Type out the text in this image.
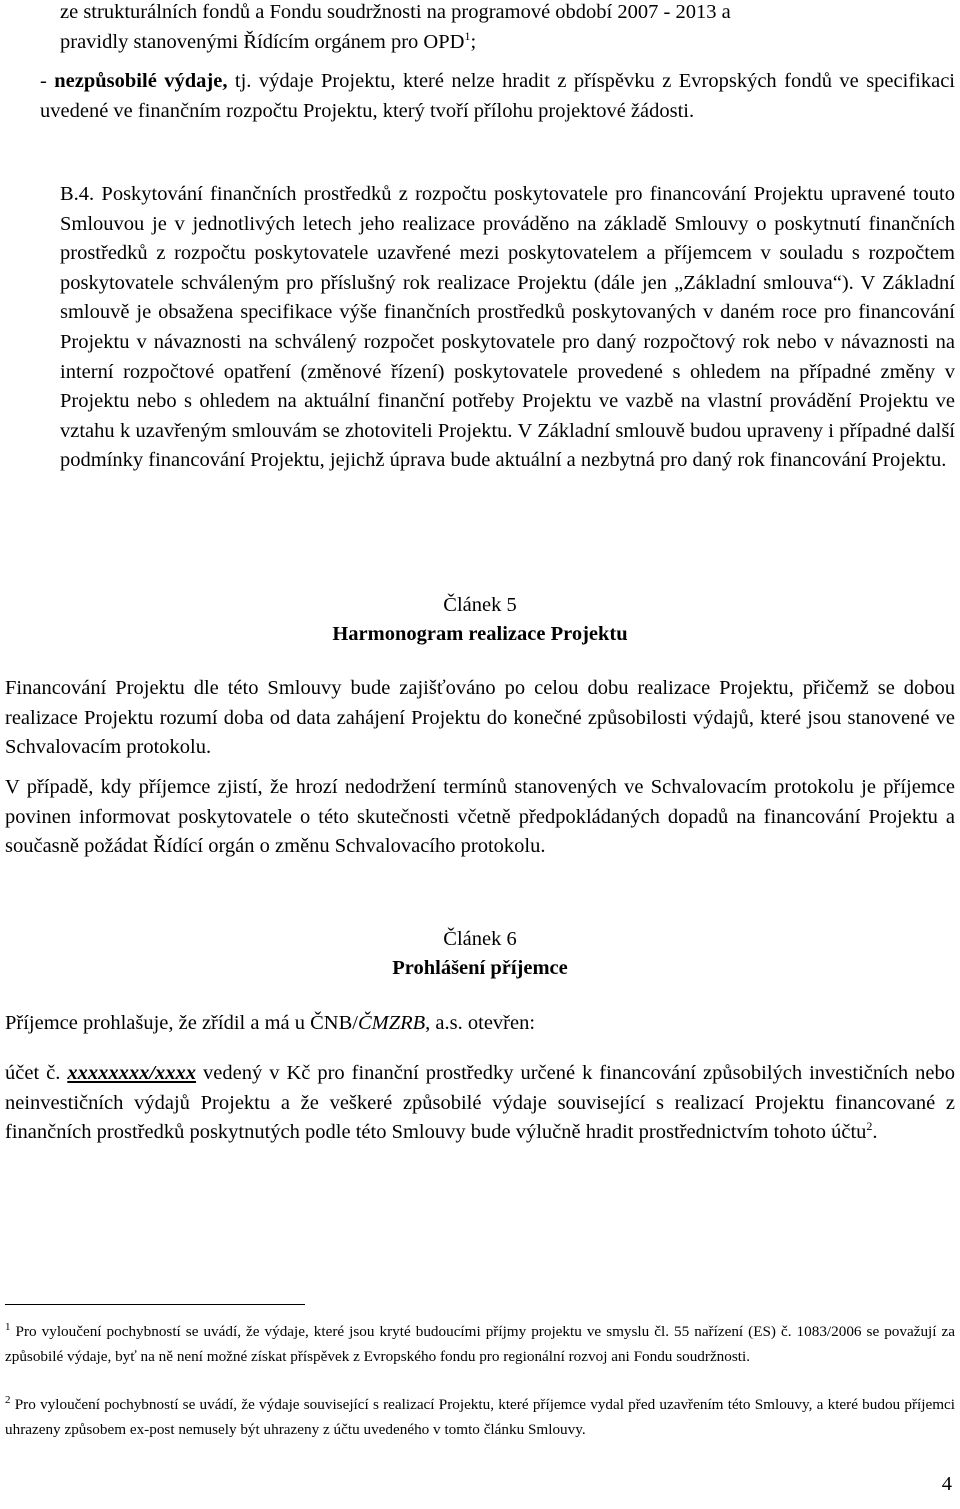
ze strukturálních fondů a Fondu soudržnosti na programové období 2007 - 2013 a
pravidly stanovenými Řídícím orgánem pro OPD$^1$;
- nezpůsobilé výdaje, tj. výdaje Projektu, které nelze hradit z příspěvku z Evropských fondů ve specifikaci uvedené ve finančním rozpočtu Projektu, který tvoří přílohu projektové žádosti.
B.4. Poskytování finančních prostředků z rozpočtu poskytovatele pro financování Projektu upravené touto Smlouvou je v jednotlivých letech jeho realizace prováděno na základě Smlouvy o poskytnutí finančních prostředků z rozpočtu poskytovatele uzavřené mezi poskytovatelem a příjemcem v souladu s rozpočtem poskytovatele schváleným pro příslušný rok realizace Projektu (dále jen „Základní smlouva“). V Základní smlouvě je obsažena specifikace výše finančních prostředků poskytovaných v daném roce pro financování Projektu v návaznosti na schválený rozpočet poskytovatele pro daný rozpočtový rok nebo v návaznosti na interní rozpočtové opatření (změnové řízení) poskytovatele provedené s ohledem na případné změny v Projektu nebo s ohledem na aktuální finanční potřeby Projektu ve vazbě na vlastní provádění Projektu ve vztahu k uzavřeným smlouvám se zhotoviteli Projektu. V Základní smlouvě budou upraveny i případné další podmínky financování Projektu, jejichž úprava bude aktuální a nezbytná pro daný rok financování Projektu.
Článek 5
Harmonogram realizace Projektu
Financování Projektu dle této Smlouvy bude zajišťováno po celou dobu realizace Projektu, přičemž se dobou realizace Projektu rozumí doba od data zahájení Projektu do konečné způsobilosti výdajů, které jsou stanovené ve Schvalovacím protokolu.
V případě, kdy příjemce zjistí, že hrozí nedodržení termínů stanovených ve Schvalovacím protokolu je příjemce povinen informovat poskytovatele o této skutečnosti včetně předpokládaných dopadů na financování Projektu a současně požádat Řídící orgán o změnu Schvalovacího protokolu.
Článek 6
Prohlášení příjemce
Příjemce prohlašuje, že zřídil a má u ČNB/ČMZRB, a.s. otevřen:
účet č. xxxxxxxx/xxxx vedený v Kč pro finanční prostředky určené k financování způsobilých investičních nebo neinvestičních výdajů Projektu a že veškeré způsobilé výdaje související s realizací Projektu financované z finančních prostředků poskytnutých podle této Smlouvy bude výlučně hradit prostřednictvím tohoto účtu$^2$.
$^1$ Pro vyloučení pochybností se uvádí, že výdaje, které jsou kryté budoucími příjmy projektu ve smyslu čl. 55 nařízení (ES) č. 1083/2006 se považují za způsobilé výdaje, byť na ně není možné získat příspěvek z Evropského fondu pro regionální rozvoj ani Fondu soudržnosti.
$^2$ Pro vyloučení pochybností se uvádí, že výdaje související s realizací Projektu, které příjemce vydal před uzavřením této Smlouvy, a které budou příjemci uhrazeny způsobem ex-post nemusely být uhrazeny z účtu uvedeného v tomto článku Smlouvy.
4
